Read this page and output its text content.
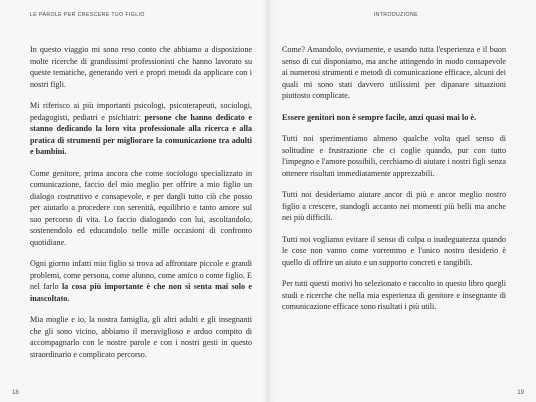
LE PAROLE PER CRESCERE TUO FIGLIO

In questo viaggio mi sono reso conto che abbiamo a disposizione molte ricerche di grandissimi professionisti che hanno lavorato su queste tematiche, generando veri e propri metodi da applicare con i nostri figli.

Mi riferisco ai più importanti psicologi, psicoterapeuti, sociologi, pedagogisti, pediatri e psichiatri: persone che hanno dedicato e stanno dedicando la loro vita professionale alla ricerca e alla pratica di strumenti per migliorare la comunicazione tra adulti e bambini.

Come genitore, prima ancora che come sociologo specializzato in comunicazione, faccio del mio meglio per offrire a mio figlio un dialogo costruttivo e consapevole, e per dargli tutto ciò che posso per aiutarlo a procedere con serenità, equilibrio e tanto amore sul suo percorso di vita. Lo faccio dialogando con lui, ascoltandolo, sostenendolo ed educandolo nelle mille occasioni di confronto quotidiane.

Ogni giorno infatti mio figlio si trova ad affrontare piccole e grandi problemi, come persona, come alunno, come amico o come figlio. E nel farlo la cosa più importante è che non si senta mai solo e inascoltato.

Mia moglie e io, la nostra famiglia, gli altri adulti e gli insegnanti che gli sono vicino, abbiamo il meraviglioso e arduo compito di accompagnarlo con le nostre parole e con i nostri gesti in questo straordinario e complicato percorso.

18
INTRODUZIONE

Come? Amandolo, ovviamente, e usando tutta l'esperienza e il buon senso di cui disponiamo, ma anche attingendo in modo consapevole ai numerosi strumenti e metodi di comunicazione efficace, alcuni dei quali mi sono stati davvero utilissimi per dipanare situazioni piuttosto complicate.

Essere genitori non è sempre facile, anzi quasi mai lo è.

Tutti noi sperimentiamo almeno qualche volta quel senso di solitudine e frustrazione che ci coglie quando, pur con tutto l'impegno e l'amore possibili, cerchiamo di aiutare i nostri figli senza ottenere risultati immediatamente apprezzabili.

Tutti noi desideriamo aiutare ancor di più e ancor meglio nostro figlio a crescere, standogli accanto nei momenti più belli ma anche nei più difficili.

Tutti noi vogliamo evitare il senso di colpa o inadeguatezza quando le cose non vanno come vorremmo e l'unico nostro desiderio è quello di offrire un aiuto e un supporto concreti e tangibili.

Per tutti questi motivi ho selezionato e raccolto in questo libro quegli studi e ricerche che nella mia esperienza di genitore e insegnante di comunicazione efficace sono risultati i più utili.

19
